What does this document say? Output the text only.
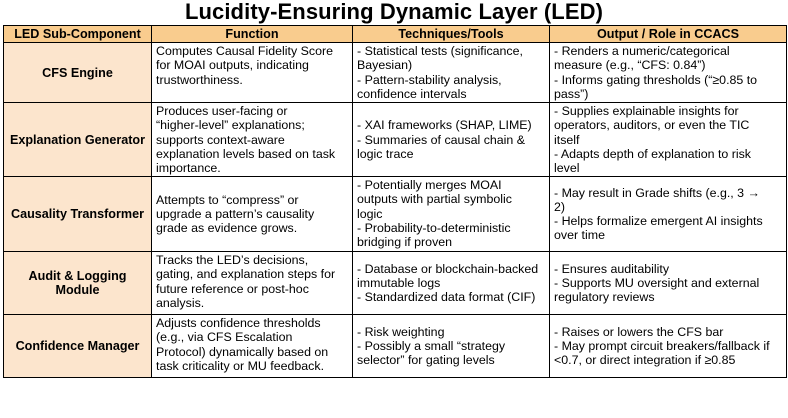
Lucidity-Ensuring Dynamic Layer (LED)
LED Sub-Component	Function	Techniques/Tools	Output / Role in CCACS
CFS Engine	Computes Causal Fidelity Score
for MOAI outputs, indicating
trustworthiness.	- Statistical tests (significance,
Bayesian)
- Pattern-stability analysis,
confidence intervals	- Renders a numeric/categorical
measure (e.g., “CFS: 0.84”)
- Informs gating thresholds (“≥0.85 to
pass”)

Explanation Generator	Produces user-facing or
“higher-level” explanations;
supports context-aware
explanation levels based on task
importance.	- XAI frameworks (SHAP, LIME)
- Summaries of causal chain &
logic trace	- Supplies explainable insights for
operators, auditors, or even the TIC
itself
- Adapts depth of explanation to risk
level

Causality Transformer	Attempts to “compress” or
upgrade a pattern’s causality
grade as evidence grows.	- Potentially merges MOAI
outputs with partial symbolic
logic
- Probability-to-deterministic
bridging if proven	- May result in Grade shifts (e.g., 3 →
2)
- Helps formalize emergent AI insights
over time

Audit & Logging Module	Tracks the LED’s decisions,
gating, and explanation steps for
future reference or post-hoc
analysis.	- Database or blockchain-backed
immutable logs
- Standardized data format (CIF)	- Ensures auditability
- Supports MU oversight and external
regulatory reviews

Confidence Manager	Adjusts confidence thresholds
(e.g., via CFS Escalation
Protocol) dynamically based on
task criticality or MU feedback.	- Risk weighting
- Possibly a small “strategy
selector” for gating levels	- Raises or lowers the CFS bar
- May prompt circuit breakers/fallback if
<0.7, or direct integration if ≥0.85
